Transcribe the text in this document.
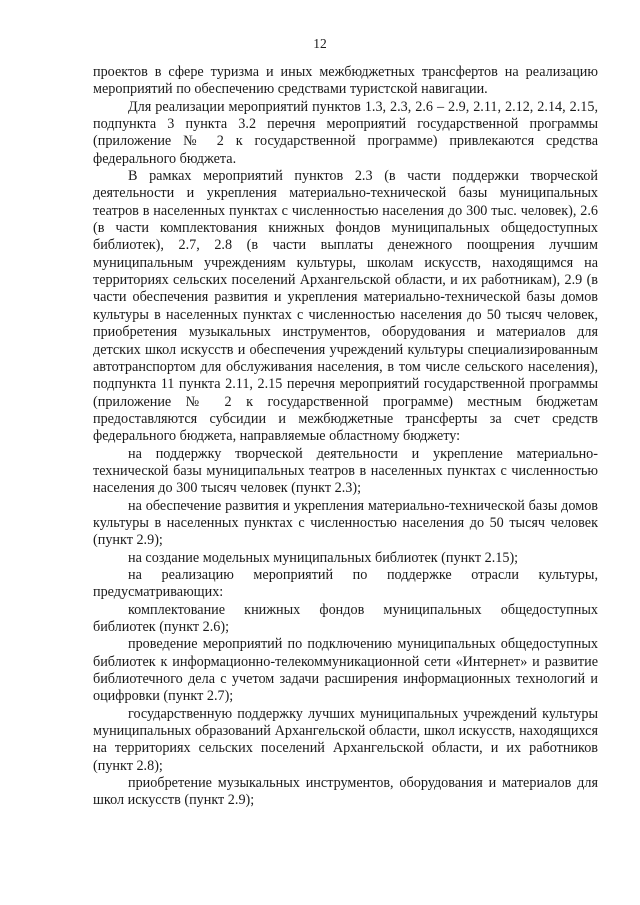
12

проектов в сфере туризма и иных межбюджетных трансфертов на реализацию мероприятий по обеспечению средствами туристской навигации.

Для реализации мероприятий пунктов 1.3, 2.3, 2.6 – 2.9, 2.11, 2.12, 2.14, 2.15, подпункта 3 пункта 3.2 перечня мероприятий государственной программы (приложение № 2 к государственной программе) привлекаются средства федерального бюджета.

В рамках мероприятий пунктов 2.3 (в части поддержки творческой деятельности и укрепления материально-технической базы муниципальных театров в населенных пунктах с численностью населения до 300 тыс. человек), 2.6 (в части комплектования книжных фондов муниципальных общедоступных библиотек), 2.7, 2.8 (в части выплаты денежного поощрения лучшим муниципальным учреждениям культуры, школам искусств, находящимся на территориях сельских поселений Архангельской области, и их работникам), 2.9 (в части обеспечения развития и укрепления материально-технической базы домов культуры в населенных пунктах с численностью населения до 50 тысяч человек, приобретения музыкальных инструментов, оборудования и материалов для детских школ искусств и обеспечения учреждений культуры специализированным автотранспортом для обслуживания населения, в том числе сельского населения), подпункта 11 пункта 2.11, 2.15 перечня мероприятий государственной программы (приложение № 2 к государственной программе) местным бюджетам предоставляются субсидии и межбюджетные трансферты за счет средств федерального бюджета, направляемые областному бюджету:

на поддержку творческой деятельности и укрепление материально-технической базы муниципальных театров в населенных пунктах с численностью населения до 300 тысяч человек (пункт 2.3);

на обеспечение развития и укрепления материально-технической базы домов культуры в населенных пунктах с численностью населения до 50 тысяч человек (пункт 2.9);

на создание модельных муниципальных библиотек (пункт 2.15);

на реализацию мероприятий по поддержке отрасли культуры, предусматривающих:

комплектование книжных фондов муниципальных общедоступных библиотек (пункт 2.6);

проведение мероприятий по подключению муниципальных общедоступных библиотек к информационно-телекоммуникационной сети «Интернет» и развитие библиотечного дела с учетом задачи расширения информационных технологий и оцифровки (пункт 2.7);

государственную поддержку лучших муниципальных учреждений культуры муниципальных образований Архангельской области, школ искусств, находящихся на территориях сельских поселений Архангельской области, и их работников (пункт 2.8);

приобретение музыкальных инструментов, оборудования и материалов для школ искусств (пункт 2.9);
